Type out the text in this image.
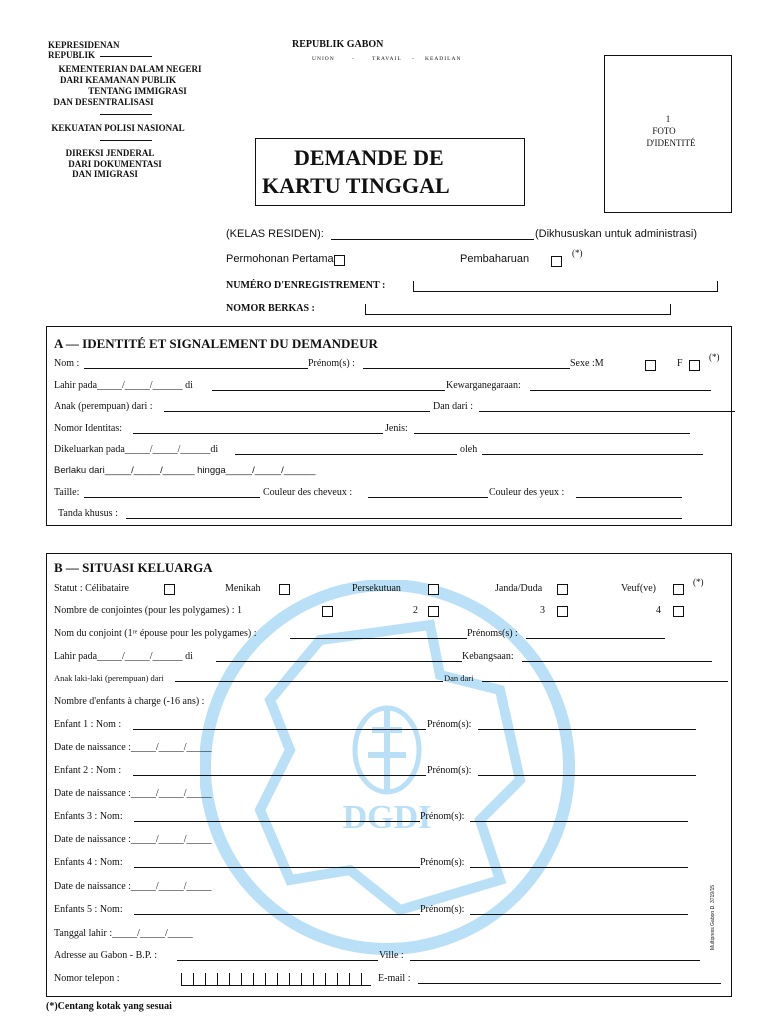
DGDI
KEPRESIDENAN REPUBLIK
KEMENTERIAN DALAM NEGERI
DARI KEAMANAN PUBLIK
TENTANG IMMIGRASI
DAN DESENTRALISASI
KEKUATAN POLISI NASIONAL
DIREKSI JENDERAL
DARI DOKUMENTASI
DAN IMIGRASI
REPUBLIK GABON
UNION	-	TRAVAIL - KEADILAN
DEMANDE DE
KARTU TINGGAL
1
FOTO
D'IDENTITÉ
(KELAS RESIDEN):	(Dikhususkan untuk administrasi)
Permohonan Pertama	Pembaharuan	(*)
NUMÉRO D'ENREGISTREMENT :
NOMOR BERKAS :
A — IDENTITÉ ET SIGNALEMENT DU DEMANDEUR
Nom :	Prénom(s) :	Sexe :M	F
(*)
Lahir pada_____/_____/______ di	Kewarganegaraan:
Anak (perempuan) dari :	Dan dari :
Nomor Identitas:	Jenis:
Dikeluarkan pada_____/_____/______di	oleh
Berlaku dari_____/_____/______ hingga_____/_____/______
Taille:	Couleur des cheveux :	Couleur des yeux :
Tanda khusus :
B — SITUASI KELUARGA
Statut : Célibataire	Menikah	Persekutuan	Janda/Duda	Veuf(ve)
(*)
Nombre de conjointes (pour les polygames) : 1	2	3	4
Nom du conjoint (1ʳᵉ épouse pour les polygames) :	Prénoms(s) :
Lahir pada_____/_____/______ di	Kebangsaan:
Anak laki-laki (perempuan) dari	Dan dari
Nombre d'enfants à charge (-16 ans) :
Enfant 1 : Nom :	Prénom(s):
Date de naissance :_____/_____/_____
Enfant 2 : Nom :	Prénom(s):
Date de naissance :_____/_____/_____
Enfants 3 : Nom:	Prénom(s):
Date de naissance :_____/_____/_____
Enfants 4 : Nom:	Prénom(s):
Date de naissance :_____/_____/_____
Enfants 5 : Nom:	Prénom(s):
Tanggal lahir :_____/_____/_____
Adresse au Gabon - B.P. :	Ville :
Nomor telepon :	E-mail :
(*)Centang kotak yang sesuai
Multipress Gabon D. 3719/15
